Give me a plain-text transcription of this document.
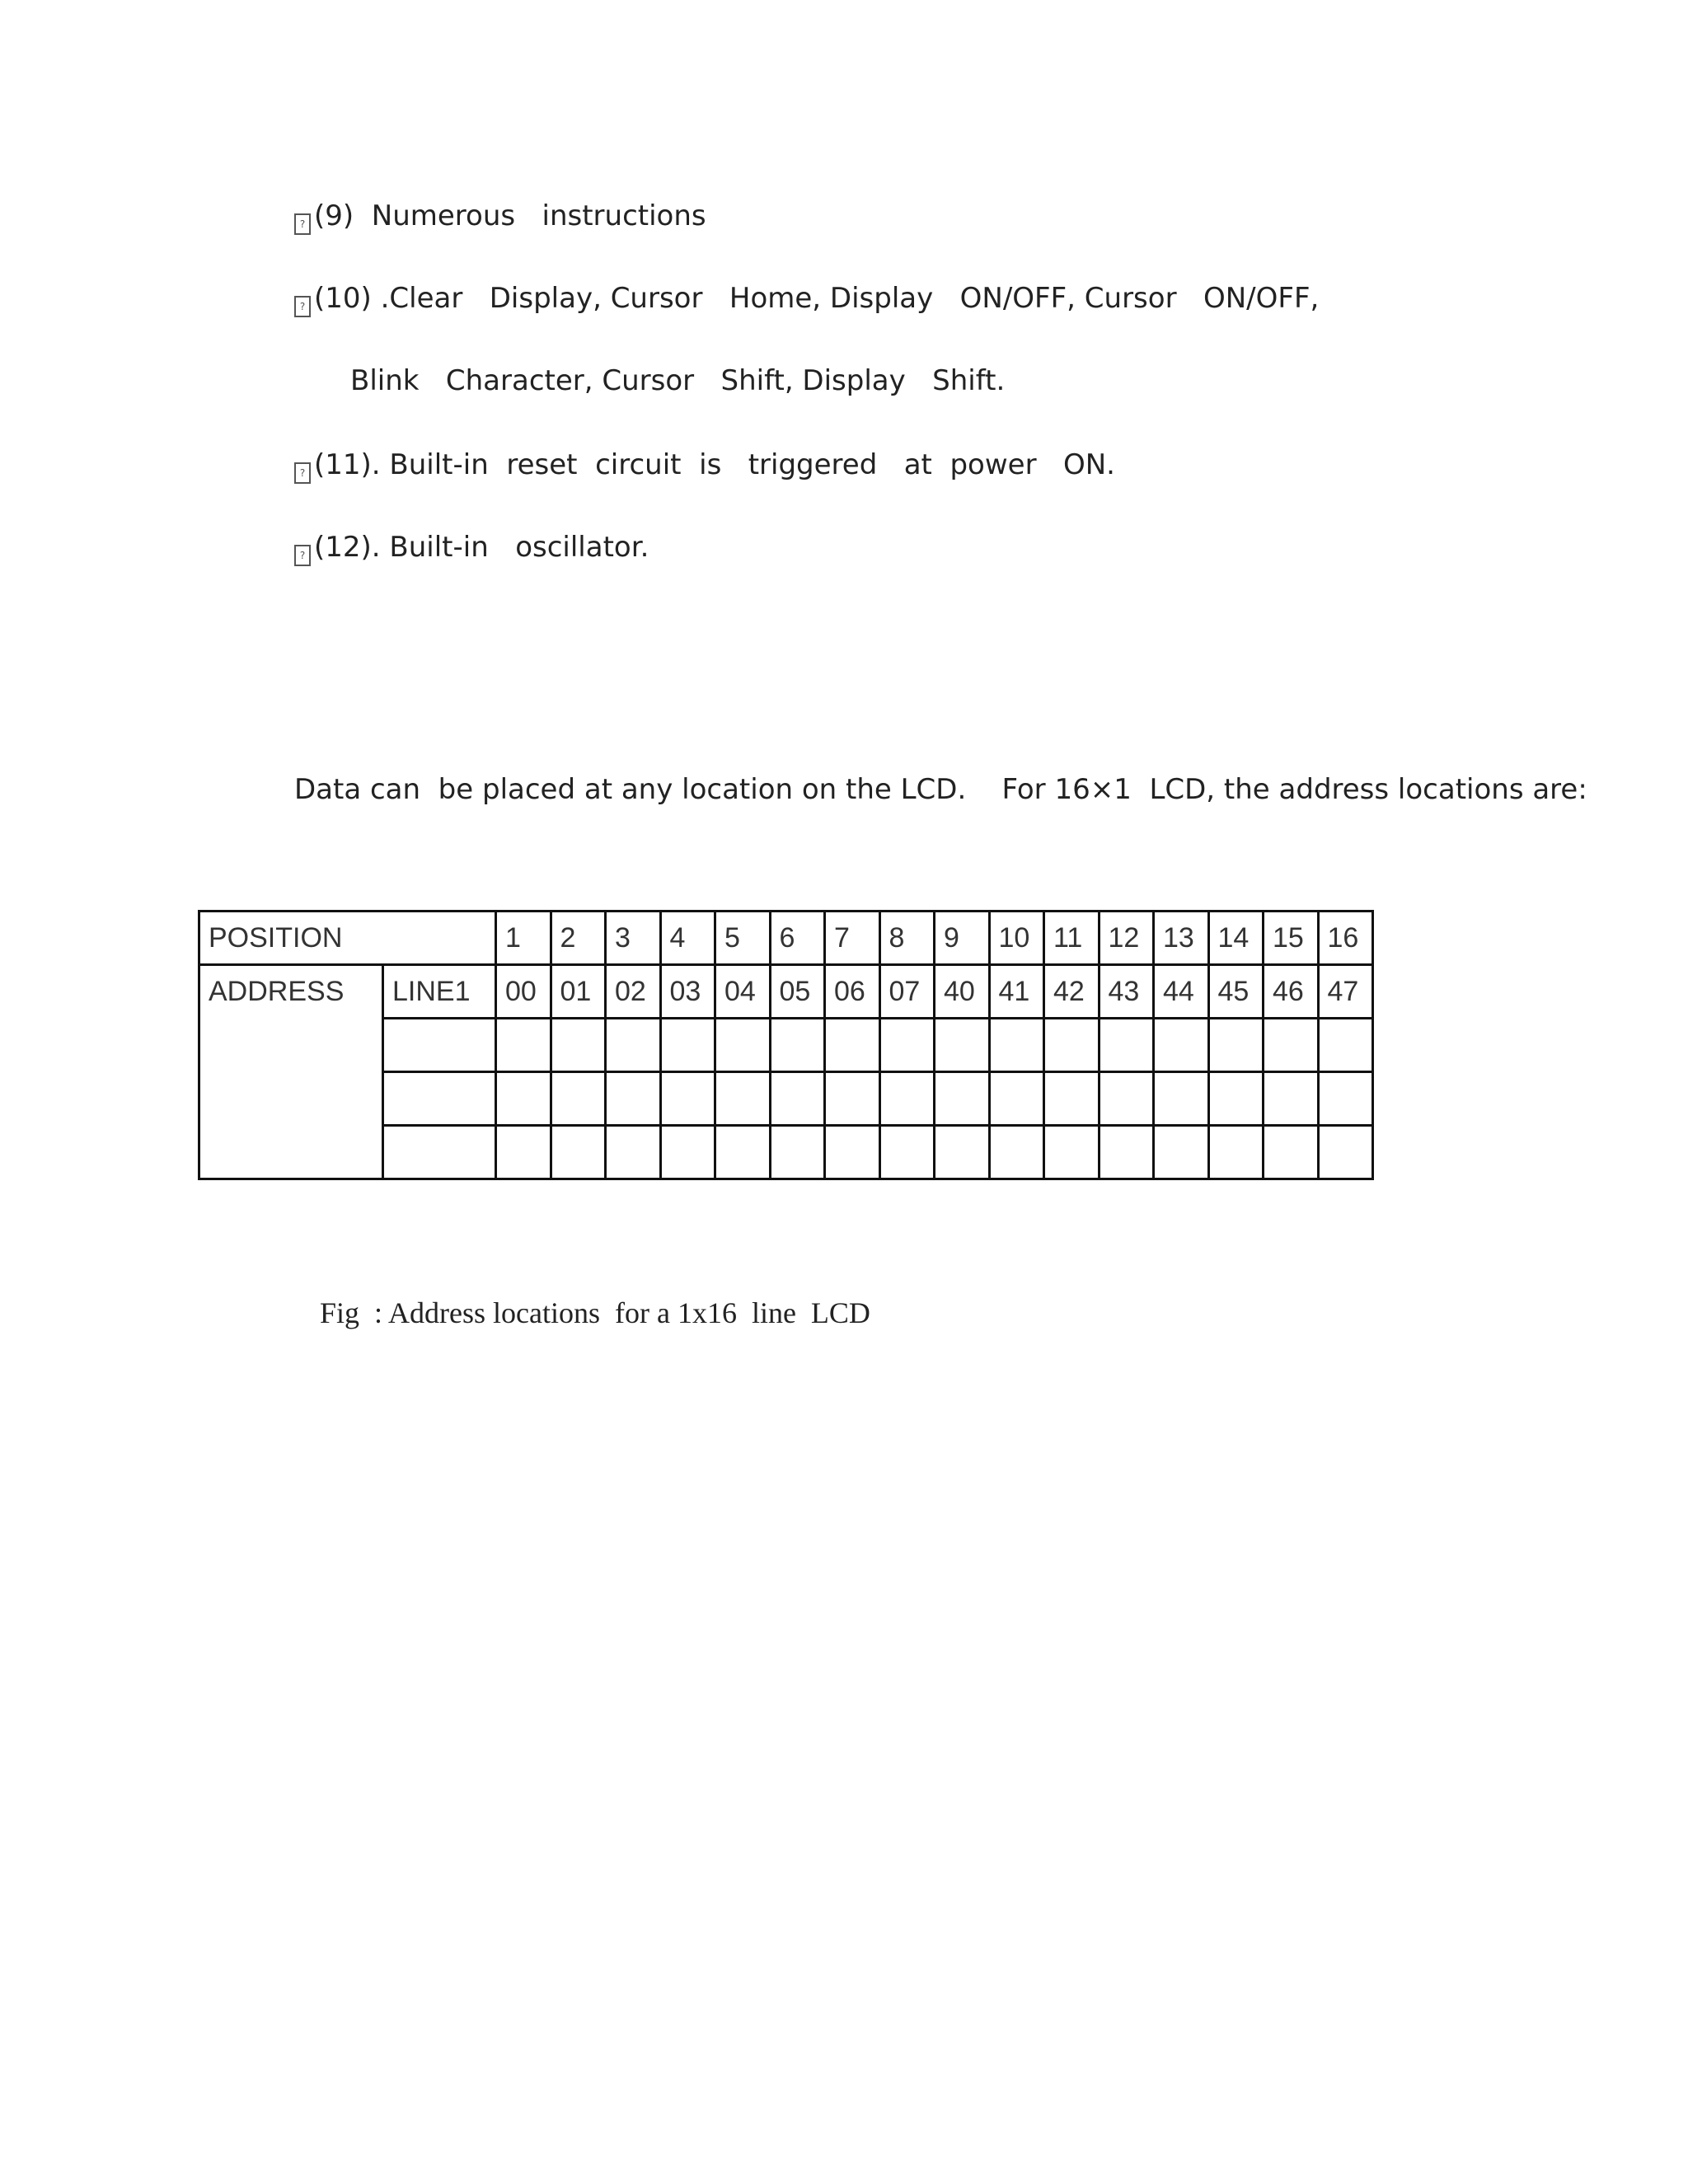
? (9)  Numerous   instructions
? (10) .Clear   Display, Cursor   Home, Display   ON/OFF, Cursor   ON/OFF,
Blink   Character, Cursor   Shift, Display   Shift.
? (11). Built-in  reset  circuit  is   triggered   at  power   ON.
? (12). Built-in   oscillator.
Data can  be placed at any location on the LCD.    For 16×1  LCD, the address locations are:
POSITION		1	2	3	4	5	6	7	8	9	10	11	12	13	14	15	16
ADDRESS	LINE1	00	01	02	03	04	05	06	07	40	41	42	43	44	45	46	47

Fig  : Address locations  for a 1x16  line  LCD
